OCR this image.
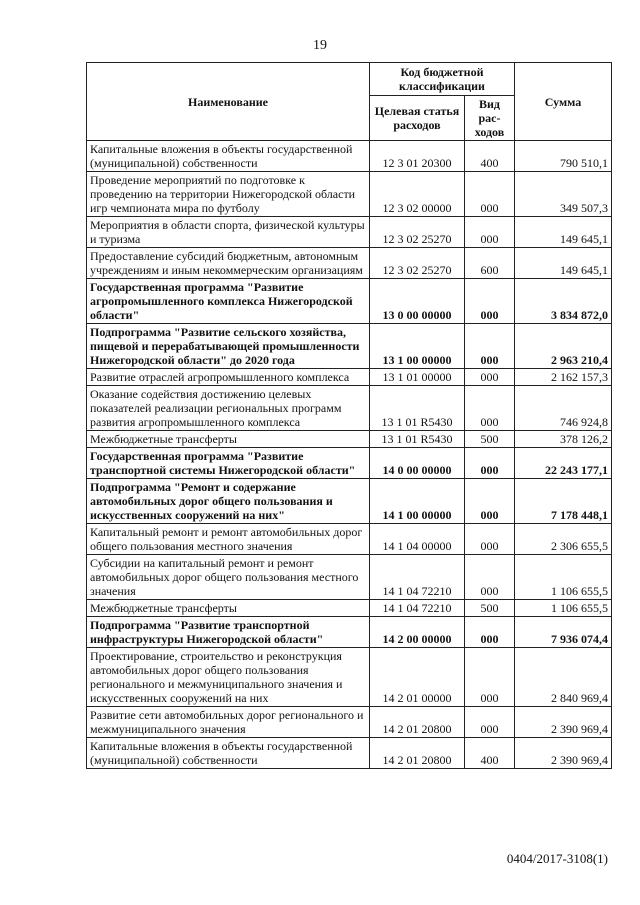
19
Наименование	Код бюджетной классификации		Сумма
	Целевая статья расходов	Вид рас-ходов	
Капитальные вложения в объекты государственной (муниципальной) собственности	12 3 01 20300	400	790 510,1
Проведение мероприятий по подготовке к проведению на территории Нижегородской области игр чемпионата мира по футболу	12 3 02 00000	000	349 507,3
Мероприятия в области спорта, физической культуры и туризма	12 3 02 25270	000	149 645,1
Предоставление субсидий бюджетным, автономным учреждениям и иным некоммерческим организациям	12 3 02 25270	600	149 645,1
Государственная программа "Развитие агропромышленного комплекса Нижегородской области"	13 0 00 00000	000	3 834 872,0
Подпрограмма "Развитие сельского хозяйства, пищевой и перерабатывающей промышленности Нижегородской области" до 2020 года	13 1 00 00000	000	2 963 210,4
Развитие отраслей агропромышленного комплекса	13 1 01 00000	000	2 162 157,3
Оказание содействия достижению целевых показателей реализации региональных программ развития агропромышленного комплекса	13 1 01 R5430	000	746 924,8
Межбюджетные трансферты	13 1 01 R5430	500	378 126,2
Государственная программа "Развитие транспортной системы Нижегородской области"	14 0 00 00000	000	22 243 177,1
Подпрограмма "Ремонт и содержание автомобильных дорог общего пользования и искусственных сооружений на них"	14 1 00 00000	000	7 178 448,1
Капитальный ремонт и ремонт автомобильных дорог общего пользования местного значения	14 1 04 00000	000	2 306 655,5
Субсидии на капитальный ремонт и ремонт автомобильных дорог общего пользования местного значения	14 1 04 72210	000	1 106 655,5
Межбюджетные трансферты	14 1 04 72210	500	1 106 655,5
Подпрограмма "Развитие транспортной инфраструктуры Нижегородской области"	14 2 00 00000	000	7 936 074,4
Проектирование, строительство и реконструкция автомобильных дорог общего пользования регионального и межмуниципального значения и искусственных сооружений на них	14 2 01 00000	000	2 840 969,4
Развитие сети автомобильных дорог регионального и межмуниципального значения	14 2 01 20800	000	2 390 969,4
Капитальные вложения в объекты государственной (муниципальной) собственности	14 2 01 20800	400	2 390 969,4
0404/2017-3108(1)
